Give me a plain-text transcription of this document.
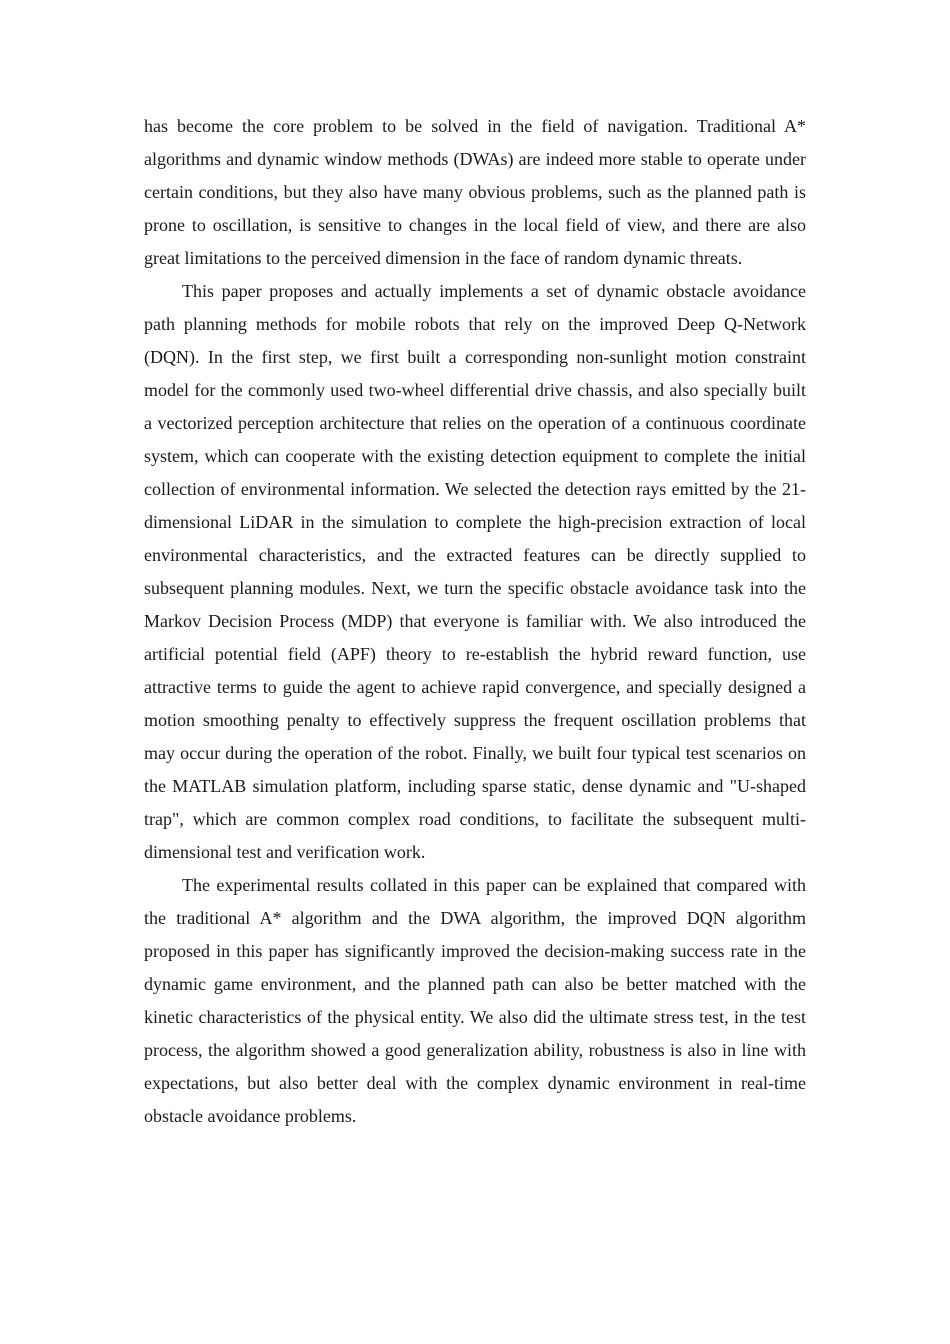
has become the core problem to be solved in the field of navigation. Traditional A* algorithms and dynamic window methods (DWAs) are indeed more stable to operate under certain conditions, but they also have many obvious problems, such as the planned path is prone to oscillation, is sensitive to changes in the local field of view, and there are also great limitations to the perceived dimension in the face of random dynamic threats.

This paper proposes and actually implements a set of dynamic obstacle avoidance path planning methods for mobile robots that rely on the improved Deep Q-Network (DQN). In the first step, we first built a corresponding non-sunlight motion constraint model for the commonly used two-wheel differential drive chassis, and also specially built a vectorized perception architecture that relies on the operation of a continuous coordinate system, which can cooperate with the existing detection equipment to complete the initial collection of environmental information. We selected the detection rays emitted by the 21-dimensional LiDAR in the simulation to complete the high-precision extraction of local environmental characteristics, and the extracted features can be directly supplied to subsequent planning modules. Next, we turn the specific obstacle avoidance task into the Markov Decision Process (MDP) that everyone is familiar with. We also introduced the artificial potential field (APF) theory to re-establish the hybrid reward function, use attractive terms to guide the agent to achieve rapid convergence, and specially designed a motion smoothing penalty to effectively suppress the frequent oscillation problems that may occur during the operation of the robot. Finally, we built four typical test scenarios on the MATLAB simulation platform, including sparse static, dense dynamic and "U-shaped trap", which are common complex road conditions, to facilitate the subsequent multi-dimensional test and verification work.

The experimental results collated in this paper can be explained that compared with the traditional A* algorithm and the DWA algorithm, the improved DQN algorithm proposed in this paper has significantly improved the decision-making success rate in the dynamic game environment, and the planned path can also be better matched with the kinetic characteristics of the physical entity. We also did the ultimate stress test, in the test process, the algorithm showed a good generalization ability, robustness is also in line with expectations, but also better deal with the complex dynamic environment in real-time obstacle avoidance problems.
